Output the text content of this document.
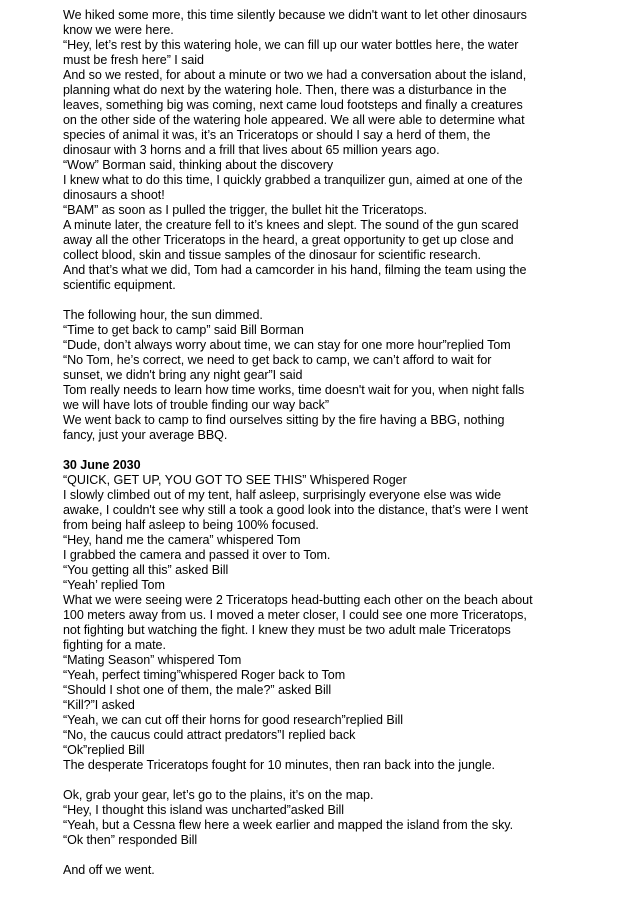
We hiked some more, this time silently because we didn't want to let other dinosaurs
know we were here.
“Hey, let’s rest by this watering hole, we can fill up our water bottles here, the water
must be fresh here” I said
And so we rested, for about a minute or two we had a conversation about the island,
planning what do next by the watering hole. Then, there was a disturbance in the
leaves, something big was coming, next came loud footsteps and finally a creatures
on the other side of the watering hole appeared. We all were able to determine what
species of animal it was, it’s an Triceratops or should I say a herd of them, the
dinosaur with 3 horns and a frill that lives about 65 million years ago.
“Wow” Borman said, thinking about the discovery
I knew what to do this time, I quickly grabbed a tranquilizer gun, aimed at one of the
dinosaurs a shoot!
“BAM” as soon as I pulled the trigger, the bullet hit the Triceratops.
A minute later, the creature fell to it’s knees and slept. The sound of the gun scared
away all the other Triceratops in the heard, a great opportunity to get up close and
collect blood, skin and tissue samples of the dinosaur for scientific research.
And that’s what we did, Tom had a camcorder in his hand, filming the team using the
scientific equipment.
The following hour, the sun dimmed.
“Time to get back to camp” said Bill Borman
“Dude, don’t always worry about time, we can stay for one more hour”replied Tom
“No Tom, he’s correct, we need to get back to camp, we can’t afford to wait for
sunset, we didn't bring any night gear”I said
Tom really needs to learn how time works, time doesn't wait for you, when night falls
we will have lots of trouble finding our way back”
We went back to camp to find ourselves sitting by the fire having a BBG, nothing
fancy, just your average BBQ.
30 June 2030
“QUICK, GET UP, YOU GOT TO SEE THIS” Whispered Roger
I slowly climbed out of my tent, half asleep, surprisingly everyone else was wide
awake, I couldn't see why still a took a good look into the distance, that’s were I went
from being half asleep to being 100% focused.
“Hey, hand me the camera” whispered Tom
I grabbed the camera and passed it over to Tom.
“You getting all this” asked Bill
“Yeah’ replied Tom
What we were seeing were 2 Triceratops head-butting each other on the beach about
100 meters away from us. I moved a meter closer, I could see one more Triceratops,
not fighting but watching the fight. I knew they must be two adult male Triceratops
fighting for a mate.
“Mating Season” whispered Tom
“Yeah, perfect timing”whispered Roger back to Tom
“Should I shot one of them, the male?” asked Bill
“Kill?”I asked
“Yeah, we can cut off their horns for good research”replied Bill
“No, the caucus could attract predators”I replied back
“Ok”replied Bill
The desperate Triceratops fought for 10 minutes, then ran back into the jungle.
Ok, grab your gear, let’s go to the plains, it’s on the map.
“Hey, I thought this island was uncharted”asked Bill
“Yeah, but a Cessna flew here a week earlier and mapped the island from the sky.
“Ok then” responded Bill
And off we went.
